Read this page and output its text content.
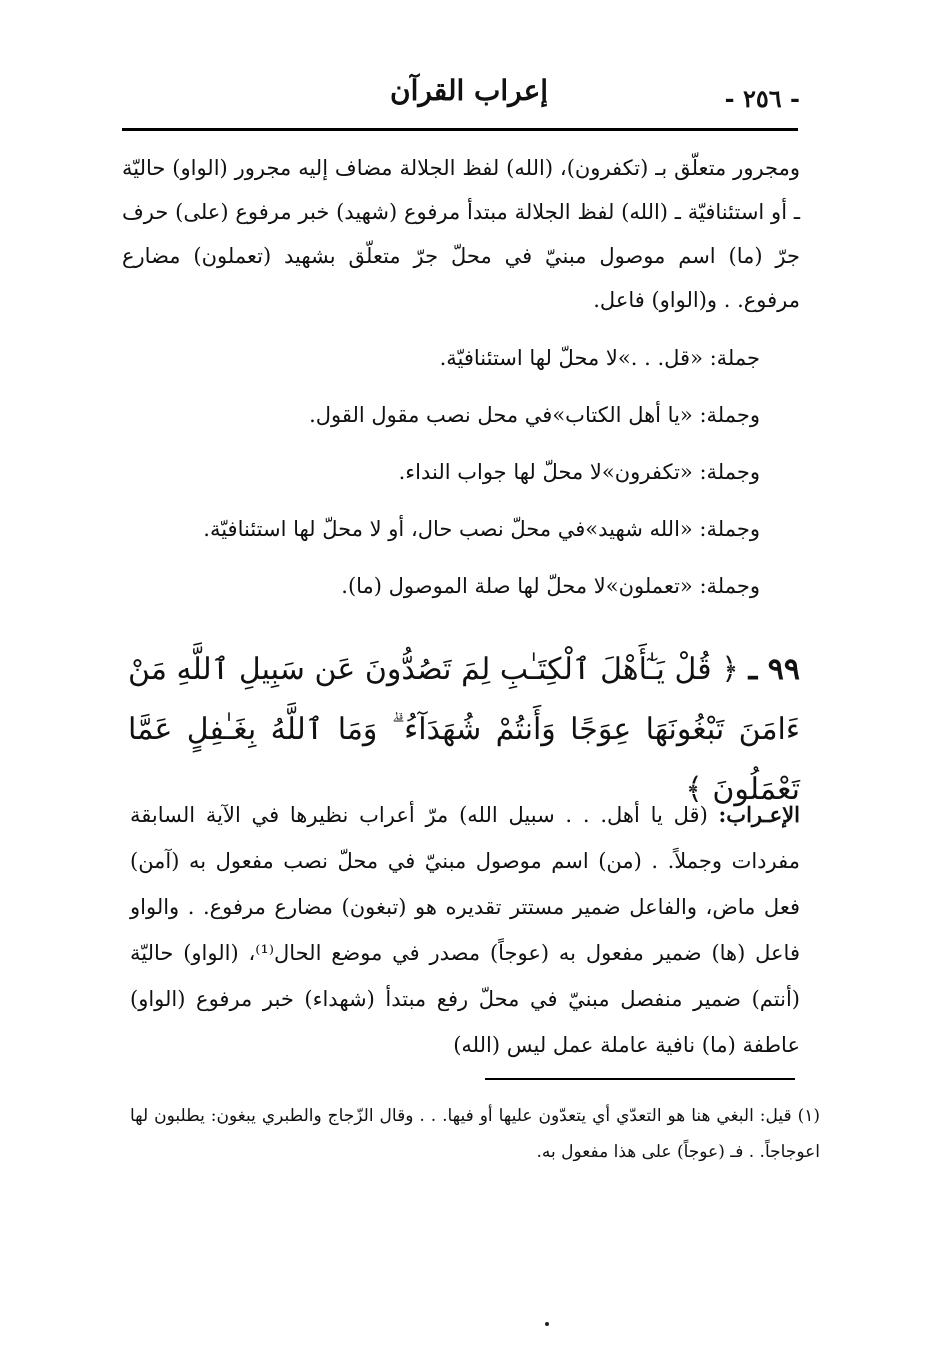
إعراب القرآن	- ٢٥٦ -
ومجرور متعلّق بـ (تكفرون)، (الله) لفظ الجلالة مضاف إليه مجرور (الواو) حاليّة ـ أو استئنافيّة ـ (الله) لفظ الجلالة مبتدأ مرفوع (شهيد) خبر مرفوع (على) حرف جرّ (ما) اسم موصول مبنيّ في محلّ جرّ متعلّق بشهيد (تعملون) مضارع مرفوع. . و(الواو) فاعل.
جملة: «قل. . .»لا محلّ لها استئنافيّة.
وجملة: «يا أهل الكتاب»في محل نصب مقول القول.
وجملة: «تكفرون»لا محلّ لها جواب النداء.
وجملة: «الله شهيد»في محلّ نصب حال، أو لا محلّ لها استئنافيّة.
وجملة: «تعملون»لا محلّ لها صلة الموصول (ما).
٩٩ ـ ﴿ قُلْ يَـٰٓأَهْلَ ٱلْكِتَـٰبِ لِمَ تَصُدُّونَ عَن سَبِيلِ ٱللَّهِ مَنْ ءَامَنَ تَبْغُونَهَا عِوَجًا وَأَنتُمْ شُهَدَآءُ ۗ وَمَا ٱللَّهُ بِغَـٰفِلٍ عَمَّا تَعْمَلُونَ ﴾
الإعـراب: (قل يا أهل. . . سبيل الله) مرّ أعراب نظيرها في الآية السابقة مفردات وجملاً. . (من) اسم موصول مبنيّ في محلّ نصب مفعول به (آمن) فعل ماض، والفاعل ضمير مستتر تقديره هو (تبغون) مضارع مرفوع. . والواو فاعل (ها) ضمير مفعول به (عوجاً) مصدر في موضع الحال⁽¹⁾، (الواو) حاليّة (أنتم) ضمير منفصل مبنيّ في محلّ رفع مبتدأ (شهداء) خبر مرفوع (الواو) عاطفة (ما) نافية عاملة عمل ليس (الله)
(١) قيل: البغي هنا هو التعدّي أي يتعدّون عليها أو فيها. . . وقال الزّجاج والطبري يبغون: يطلبون لها اعوجاجاً. . فـ (عوجاً) على هذا مفعول به.
